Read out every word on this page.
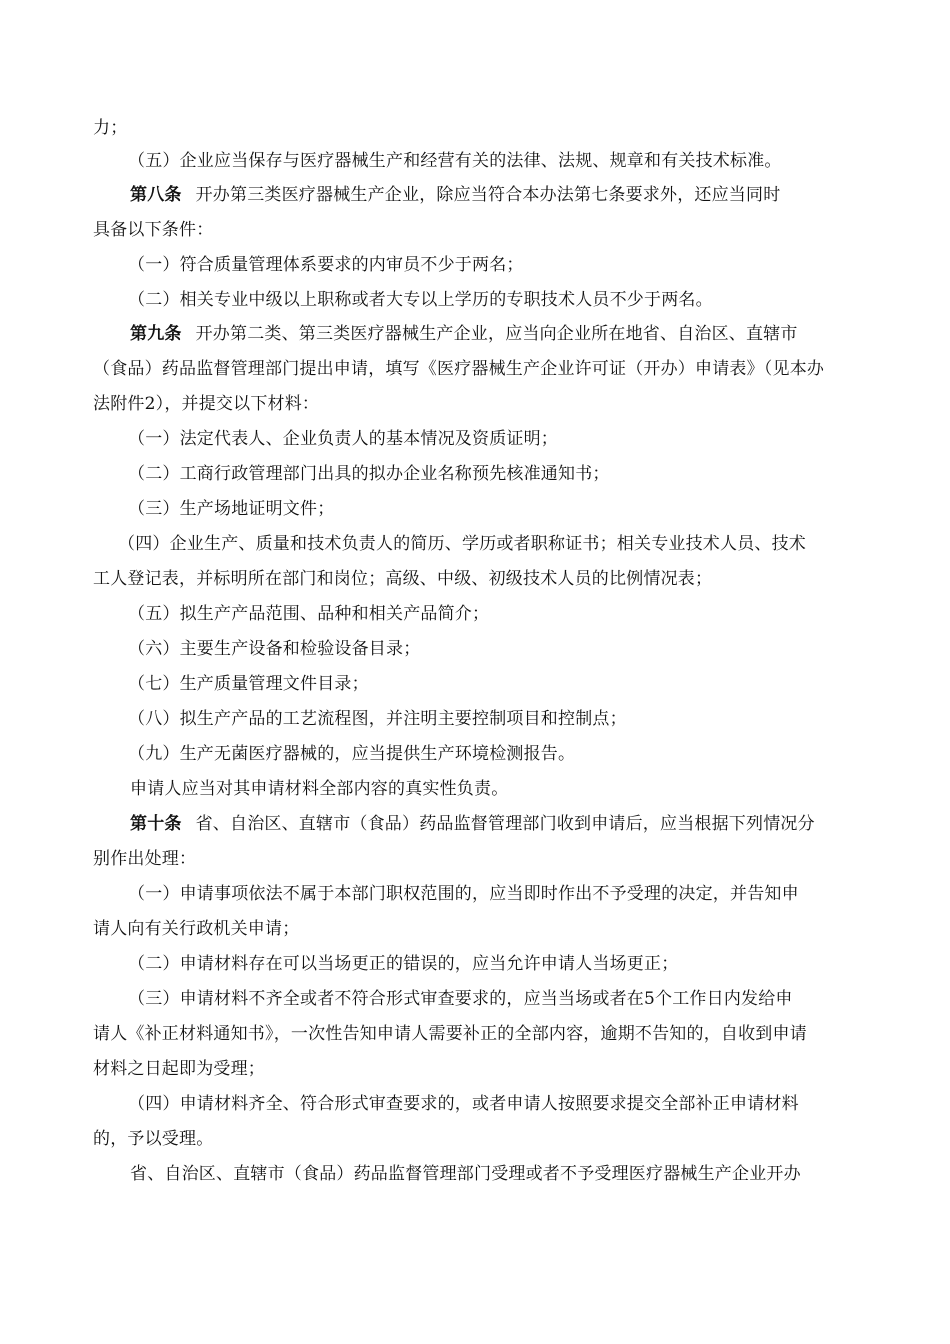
力；
（五）企业应当保存与医疗器械生产和经营有关的法律、法规、规章和有关技术标准。
第八条 开办第三类医疗器械生产企业，除应当符合本办法第七条要求外，还应当同时
具备以下条件：
（一）符合质量管理体系要求的内审员不少于两名；
（二）相关专业中级以上职称或者大专以上学历的专职技术人员不少于两名。
第九条 开办第二类、第三类医疗器械生产企业，应当向企业所在地省、自治区、直辖市
（食品）药品监督管理部门提出申请，填写《医疗器械生产企业许可证（开办）申请表》（见本办
法附件2），并提交以下材料：
（一）法定代表人、企业负责人的基本情况及资质证明；
（二）工商行政管理部门出具的拟办企业名称预先核准通知书；
（三）生产场地证明文件；
（四）企业生产、质量和技术负责人的简历、学历或者职称证书；相关专业技术人员、技术
工人登记表，并标明所在部门和岗位；高级、中级、初级技术人员的比例情况表；
（五）拟生产产品范围、品种和相关产品简介；
（六）主要生产设备和检验设备目录；
（七）生产质量管理文件目录；
（八）拟生产产品的工艺流程图，并注明主要控制项目和控制点；
（九）生产无菌医疗器械的，应当提供生产环境检测报告。
申请人应当对其申请材料全部内容的真实性负责。
第十条 省、自治区、直辖市（食品）药品监督管理部门收到申请后，应当根据下列情况分
别作出处理：
（一）申请事项依法不属于本部门职权范围的，应当即时作出不予受理的决定，并告知申
请人向有关行政机关申请；
（二）申请材料存在可以当场更正的错误的，应当允许申请人当场更正；
（三）申请材料不齐全或者不符合形式审查要求的，应当当场或者在5个工作日内发给申
请人《补正材料通知书》，一次性告知申请人需要补正的全部内容，逾期不告知的，自收到申请
材料之日起即为受理；
（四）申请材料齐全、符合形式审查要求的，或者申请人按照要求提交全部补正申请材料
的，予以受理。
省、自治区、直辖市（食品）药品监督管理部门受理或者不予受理医疗器械生产企业开办
